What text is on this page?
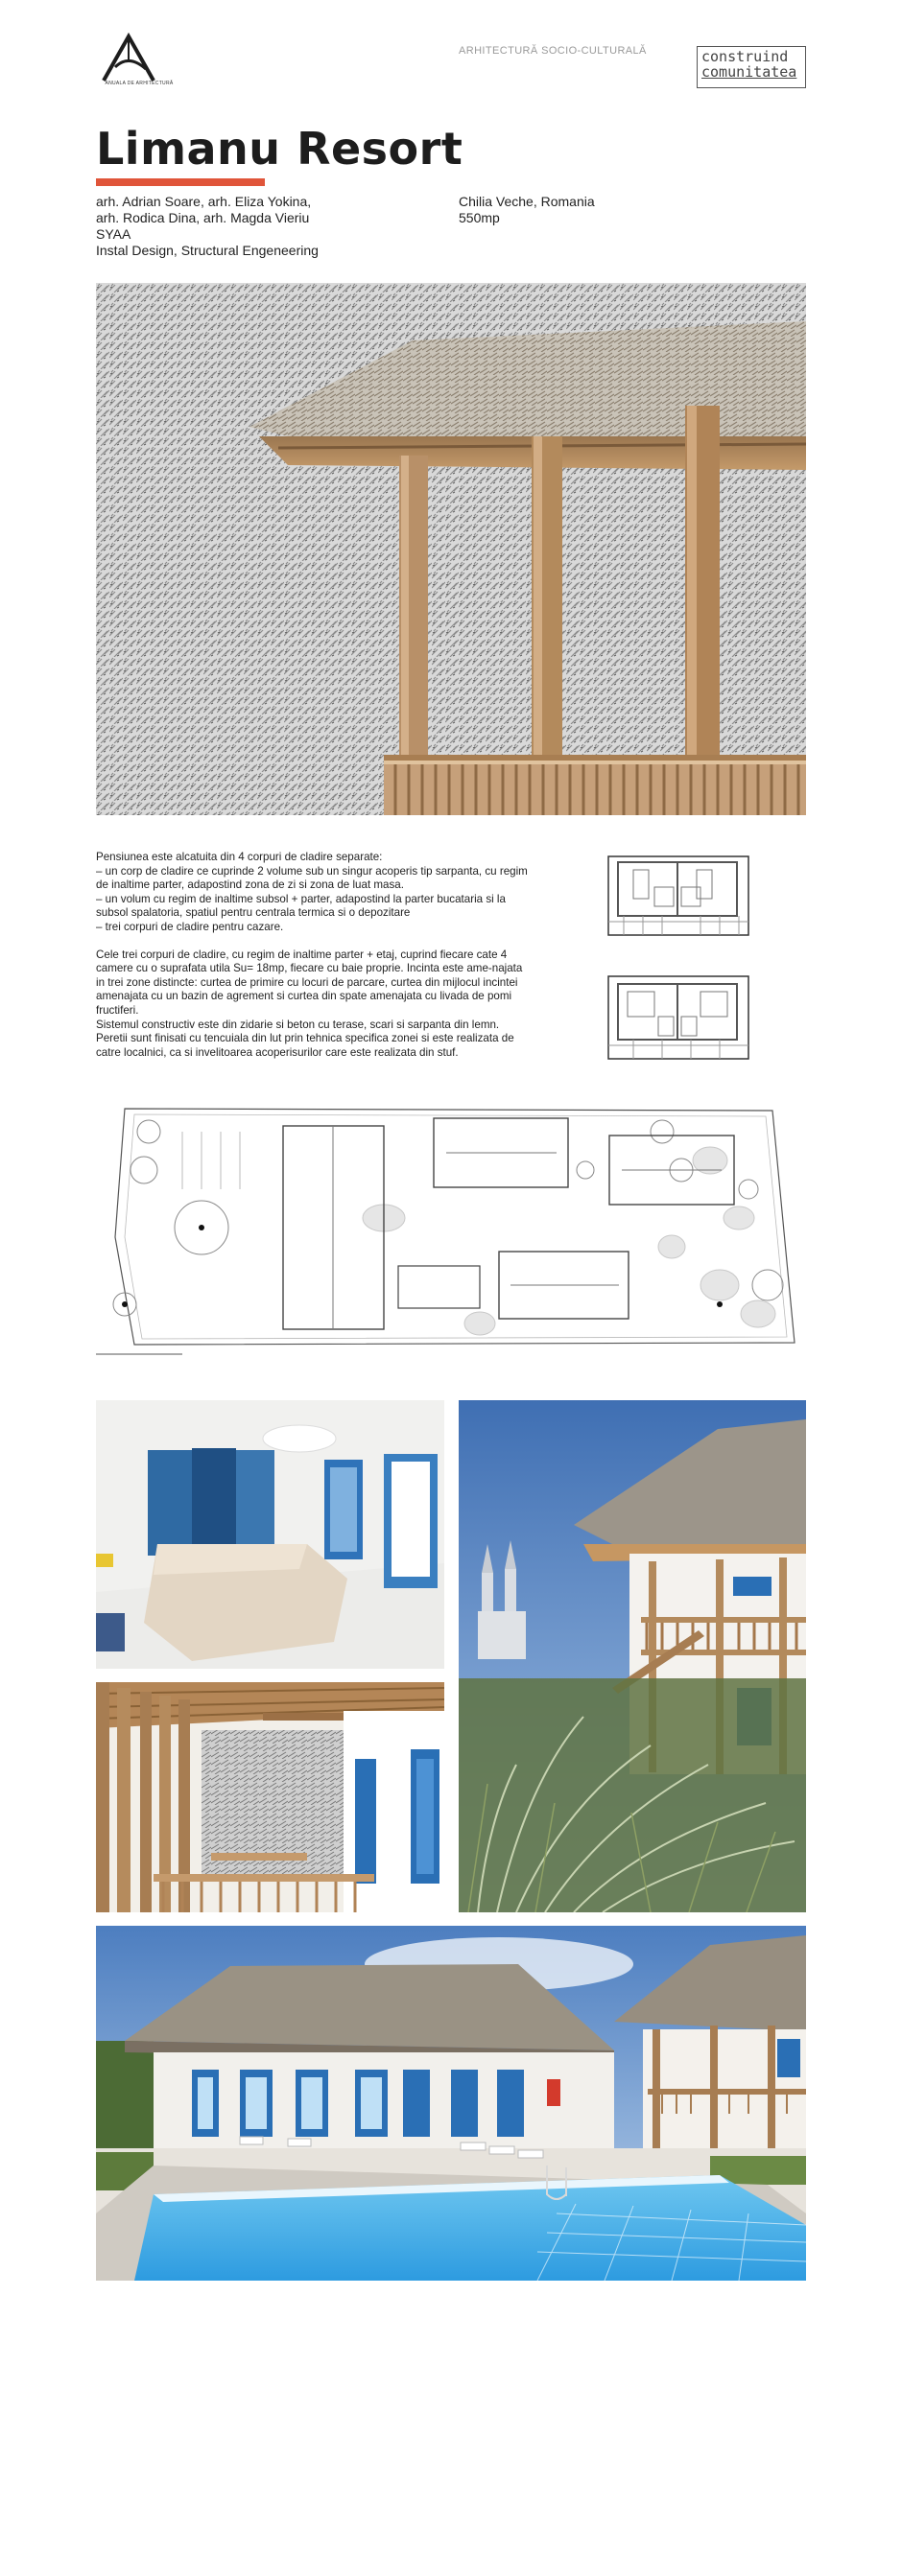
ANUALA DE ARHITECTURĂ
ARHITECTURĂ SOCIO-CULTURALĂ	construind
comunitatea
Limanu Resort
arh. Adrian Soare, arh. Eliza Yokina,
arh. Rodica Dina, arh. Magda Vieriu
SYAA
Instal Design, Structural Engeneering
Chilia Veche, Romania
550mp

Pensiunea este alcatuita din 4 corpuri de cladire separate:
– un corp de cladire ce cuprinde 2 volume sub un singur acoperis tip sarpanta, cu regim de inaltime parter, adapostind zona de zi si zona de luat masa.
– un volum cu regim de inaltime subsol + parter, adapostind la parter bucataria si la subsol spalatoria, spatiul pentru centrala termica si o depozitare
– trei corpuri de cladire pentru cazare.

Cele trei corpuri de cladire, cu regim de inaltime parter + etaj, cuprind fiecare cate 4 camere cu o suprafata utila Su= 18mp, fiecare cu baie proprie. Incinta este ame-najata in trei zone distincte: curtea de primire cu locuri de parcare, curtea din mijlocul incintei amenajata cu un bazin de agrement si curtea din spate amenajata cu livada de pomi fructiferi.
Sistemul constructiv este din zidarie si beton cu terase, scari si sarpanta din lemn. Peretii sunt finisati cu tencuiala din lut prin tehnica specifica zonei si este realizata de catre localnici, ca si invelitoarea acoperisurilor care este realizata din stuf.
